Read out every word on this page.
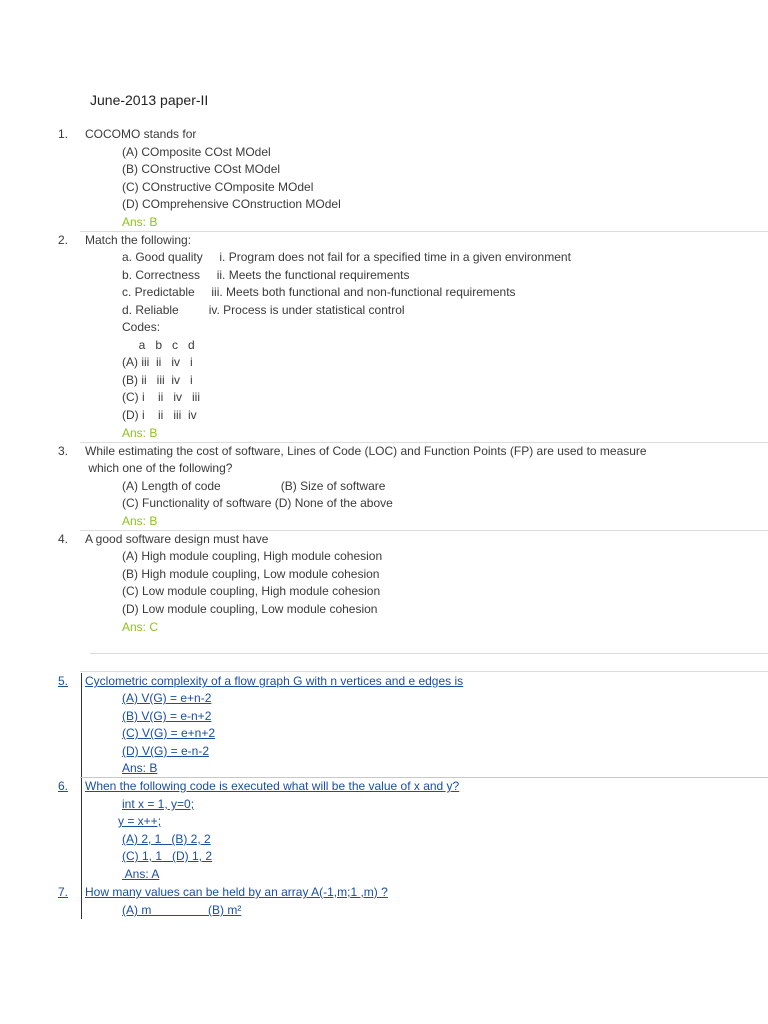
June-2013 paper-II
1. COCOMO stands for
(A) COmposite COst MOdel
(B) COnstructive COst MOdel
(C) COnstructive COmposite MOdel
(D) COmprehensive COnstruction MOdel
Ans: B
2. Match the following:
a. Good quality     i. Program does not fail for a specified time in a given environment
b. Correctness     ii. Meets the functional requirements
c. Predictable     iii. Meets both functional and non-functional requirements
d. Reliable         iv. Process is under statistical control
Codes:
a   b   c   d
(A) iii  ii   iv   i
(B) ii   iii  iv   i
(C) i    ii   iv   iii
(D) i    ii   iii  iv
Ans: B
3. While estimating the cost of software, Lines of Code (LOC) and Function Points (FP) are used to measure
which one of the following?
(A) Length of code                  (B) Size of software
(C) Functionality of software (D) None of the above
Ans: B
4. A good software design must have
(A) High module coupling, High module cohesion
(B) High module coupling, Low module cohesion
(C) Low module coupling, High module cohesion
(D) Low module coupling, Low module cohesion
Ans: C
5.	Cyclometric complexity of a flow graph G with n vertices and e edges is
(A) V(G) = e+n-2
(B) V(G) = e-n+2
(C) V(G) = e+n+2
(D) V(G) = e-n-2
Ans: B
6.	When the following code is executed what will be the value of x and y?
int x = 1, y=0;
y = x++;
(A) 2, 1   (B) 2, 2
(C) 1, 1   (D) 1, 2
Ans: A
7.	How many values can be held by an array A(-1,m;1 ,m) ?
(A) m                 (B) m²
